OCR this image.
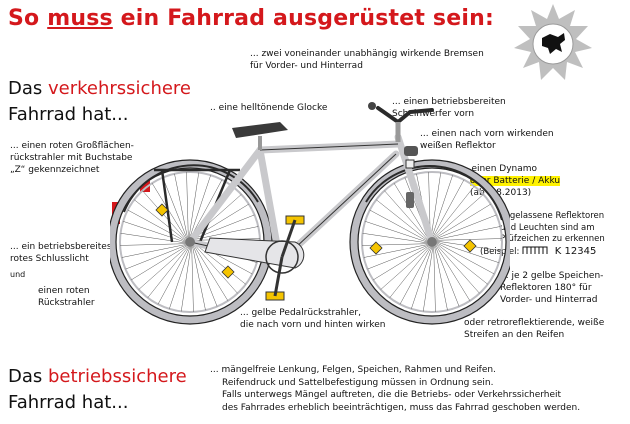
So muss ein Fahrrad ausgerüstet sein:
Das verkehrssichere
Fahrrad hat...
... einen roten Großflächen-
rückstrahler mit Buchstabe
„Z“ gekennzeichnet
... ein betriebsbereites
rotes Schlusslicht
und
einen roten
Rückstrahler
... zwei voneinander unabhängig wirkende Bremsen
für Vorder- und Hinterrad
.. eine helltönende Glocke
... einen betriebsbereiten
Scheinwerfer vorn
... einen nach vorn wirkenden
weißen Reflektor
... einen Dynamo
oder Batterie / Akku
(ab 1.8.2013)
zugelassene Reflektoren
und Leuchten sind am
Prüfzeichen zu erkennen
(Beispiel:	K 12345
... je 2 gelbe Speichen-
Reflektoren 180° für
Vorder- und Hinterrad
oder retroreflektierende, weiße
Streifen an den Reifen
... gelbe Pedalrückstrahler,
die nach vorn und hinten wirken
Das betriebssichere
Fahrrad hat...
... mängelfreie Lenkung, Felgen, Speichen, Rahmen und Reifen.
Reifendruck und Sattelbefestigung müssen in Ordnung sein.
Falls unterwegs Mängel auftreten, die die Betriebs- oder Verkehrssicherheit
des Fahrrades erheblich beeinträchtigen, muss das Fahrrad geschoben werden.
